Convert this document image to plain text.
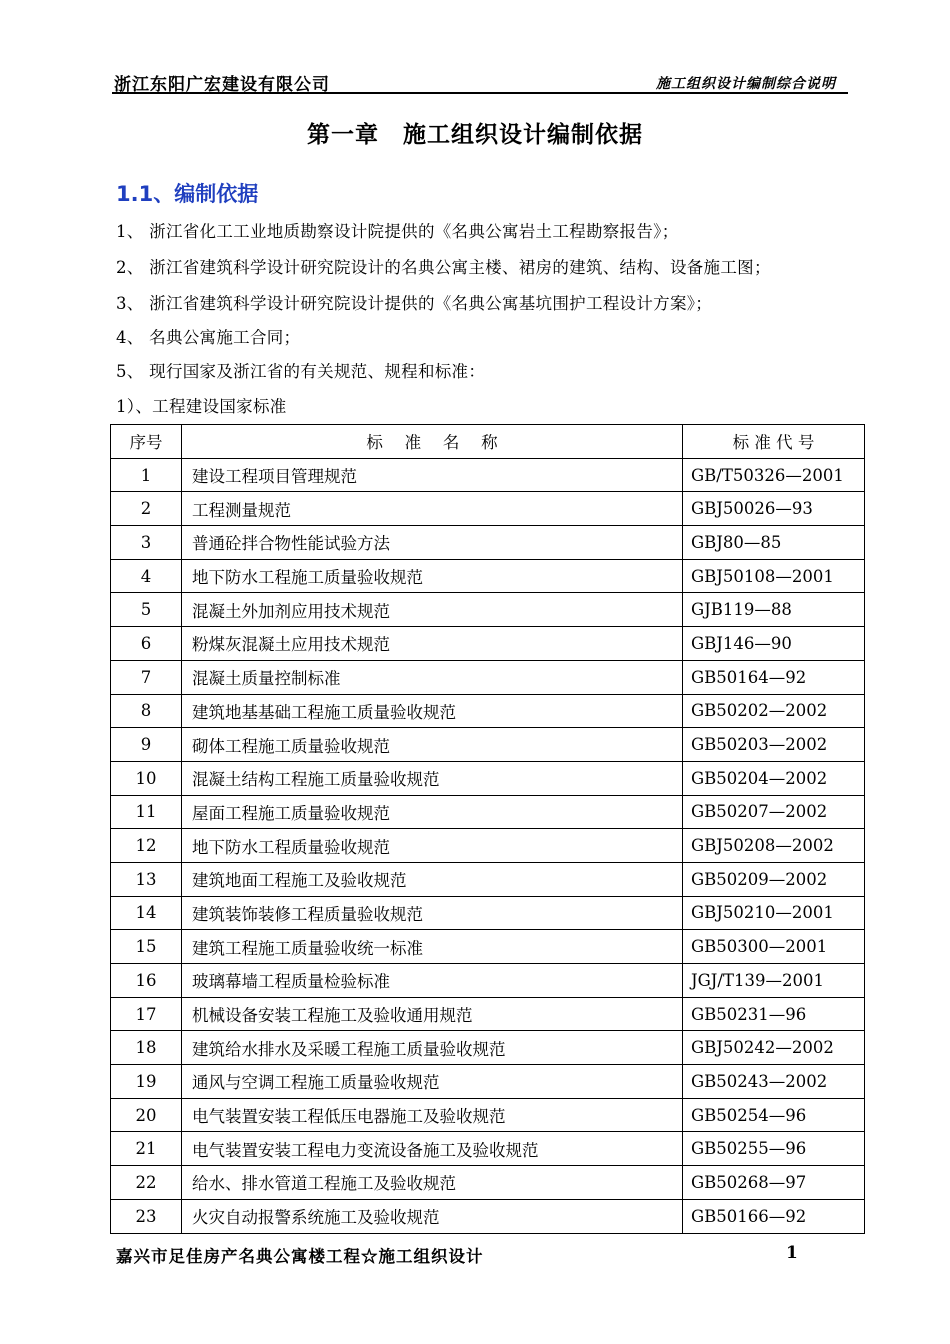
浙江东阳广宏建设有限公司	施工组织设计编制综合说明
第一章　施工组织设计编制依据
1.1、编制依据
1、 浙江省化工工业地质勘察设计院提供的《名典公寓岩土工程勘察报告》；
2、 浙江省建筑科学设计研究院设计的名典公寓主楼、裙房的建筑、结构、设备施工图；
3、 浙江省建筑科学设计研究院设计提供的《名典公寓基坑围护工程设计方案》；
4、 名典公寓施工合同；
5、 现行国家及浙江省的有关规范、规程和标准：
1）、工程建设国家标准
序号	标　 准　 名　 称	标 准 代 号
1	建设工程项目管理规范	GB/T50326—2001
2	工程测量规范	GBJ50026—93
3	普通砼拌合物性能试验方法	GBJ80—85
4	地下防水工程施工质量验收规范	GBJ50108—2001
5	混凝土外加剂应用技术规范	GJB119—88
6	粉煤灰混凝土应用技术规范	GBJ146—90
7	混凝土质量控制标准	GB50164—92
8	建筑地基基础工程施工质量验收规范	GB50202—2002
9	砌体工程施工质量验收规范	GB50203—2002
10	混凝土结构工程施工质量验收规范	GB50204—2002
11	屋面工程施工质量验收规范	GB50207—2002
12	地下防水工程质量验收规范	GBJ50208—2002
13	建筑地面工程施工及验收规范	GB50209—2002
14	建筑装饰装修工程质量验收规范	GBJ50210—2001
15	建筑工程施工质量验收统一标准	GB50300—2001
16	玻璃幕墙工程质量检验标准	JGJ/T139—2001
17	机械设备安装工程施工及验收通用规范	GB50231—96
18	建筑给水排水及采暖工程施工质量验收规范	GBJ50242—2002
19	通风与空调工程施工质量验收规范	GB50243—2002
20	电气装置安装工程低压电器施工及验收规范	GB50254—96
21	电气装置安装工程电力变流设备施工及验收规范	GB50255—96
22	给水、排水管道工程施工及验收规范	GB50268—97
23	火灾自动报警系统施工及验收规范	GB50166—92
嘉兴市足佳房产名典公寓楼工程☆施工组织设计	1
